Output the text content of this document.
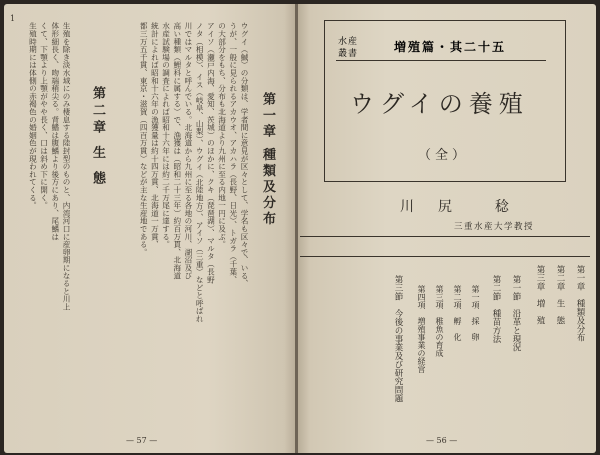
1
ウグイ（鯎）の分類は、学者間に意見が区々として、学名も区々で、いる、
うが、一般に見られるアカウオ、アカハラ（長野、日光）、トガラ（千葉、
の大部分をもち、分布も北海道より九州に至る内地一円に及ぶ。
アイソ（瀬戸内海、愛知、茨城）のほかに、クキ（琵琶湖）、マルタ（長野
ノタ（相模）、イス（岐阜、山梨）、ウグイ（北陸地方）、アイソ（三重）などと呼ばれ
川ではマルタと呼んでいる。北海道から九州に至る各地の河川、湖沼及び
高い種類（鯉科に属する）で、漁獲は（昭和二十三年）約百万貫、北海道
水産試験場の調査によれば昭和十六年には約二千万尾に達する。
統計によれば昭和十六年の漁獲量は約十四万貫、北海道一万貫、
都三万五千貫、東京・滋賀（四百万貫）などが主な生産地である。	第一章 種類及分布
第二章 生 態
生殖を除き淡水域にのみ棲息する陸封型のものと、内湾河口に産卵期になると川上
体形細長く、吻端稍尖る。背鰭は腹鰭より後方にあり、尾鰭は
くて、下顎より上顎がやや長く、口は斜め下に開く。
生殖時期には体側の赤褐色の婚姻色が現われてくる。
— 57 —
水産
叢書	増殖篇・其二十五
ウグイの養殖
（全）
川　尻　　稔
三重水産大学教授
第一章　種類及分布
第二章　生　態
第三章　増　殖
第一節　沿革と現況
第二節　種苗方法
第一項　採　卵
第二項　孵　化
第三項　稚魚の育成
第四項　増殖事業の経営
第三節　今後の事業及び研究問題
— 56 —
